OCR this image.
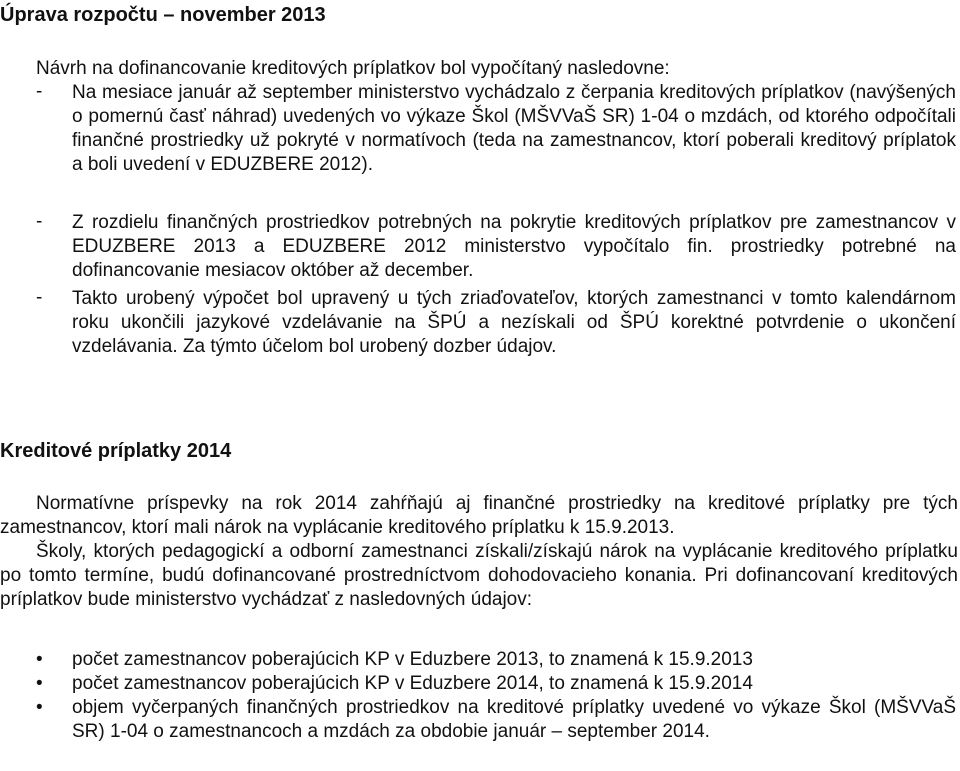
Úprava rozpočtu – november 2013

Návrh na dofinancovanie kreditových príplatkov bol vypočítaný nasledovne:

- Na mesiace január až september ministerstvo vychádzalo z čerpania kreditových príplatkov (navýšených o pomernú časť náhrad) uvedených vo výkaze Škol (MŠVVaŠ SR) 1-04 o mzdách, od ktorého odpočítali finančné prostriedky už pokryté v normatívoch (teda na zamestnancov, ktorí poberali kreditový príplatok a boli uvedení v EDUZBERE 2012).
- Z rozdielu finančných prostriedkov potrebných na pokrytie kreditových príplatkov pre zamestnancov v EDUZBERE 2013 a EDUZBERE 2012 ministerstvo vypočítalo fin. prostriedky potrebné na dofinancovanie mesiacov október až december.
- Takto urobený výpočet bol upravený u tých zriaďovateľov, ktorých zamestnanci v tomto kalendárnom roku ukončili jazykové vzdelávanie na ŠPÚ a nezískali od ŠPÚ korektné potvrdenie o ukončení vzdelávania. Za týmto účelom bol urobený dozber údajov.
Kreditové príplatky 2014

Normatívne príspevky na rok 2014 zahŕňajú aj finančné prostriedky na kreditové príplatky pre tých zamestnancov, ktorí mali nárok na vyplácanie kreditového príplatku k 15.9.2013.

Školy, ktorých pedagogickí a odborní zamestnanci získali/získajú nárok na vyplácanie kreditového príplatku po tomto termíne, budú dofinancované prostredníctvom dohodovacieho konania. Pri dofinancovaní kreditových príplatkov bude ministerstvo vychádzať z nasledovných údajov:

• počet zamestnancov poberajúcich KP v Eduzbere 2013, to znamená k 15.9.2013
• počet zamestnancov poberajúcich KP v Eduzbere 2014, to znamená k 15.9.2014
• objem vyčerpaných finančných prostriedkov na kreditové príplatky uvedené vo výkaze Škol (MŠVVaŠ SR) 1-04 o zamestnancoch a mzdách za obdobie január – september 2014.
